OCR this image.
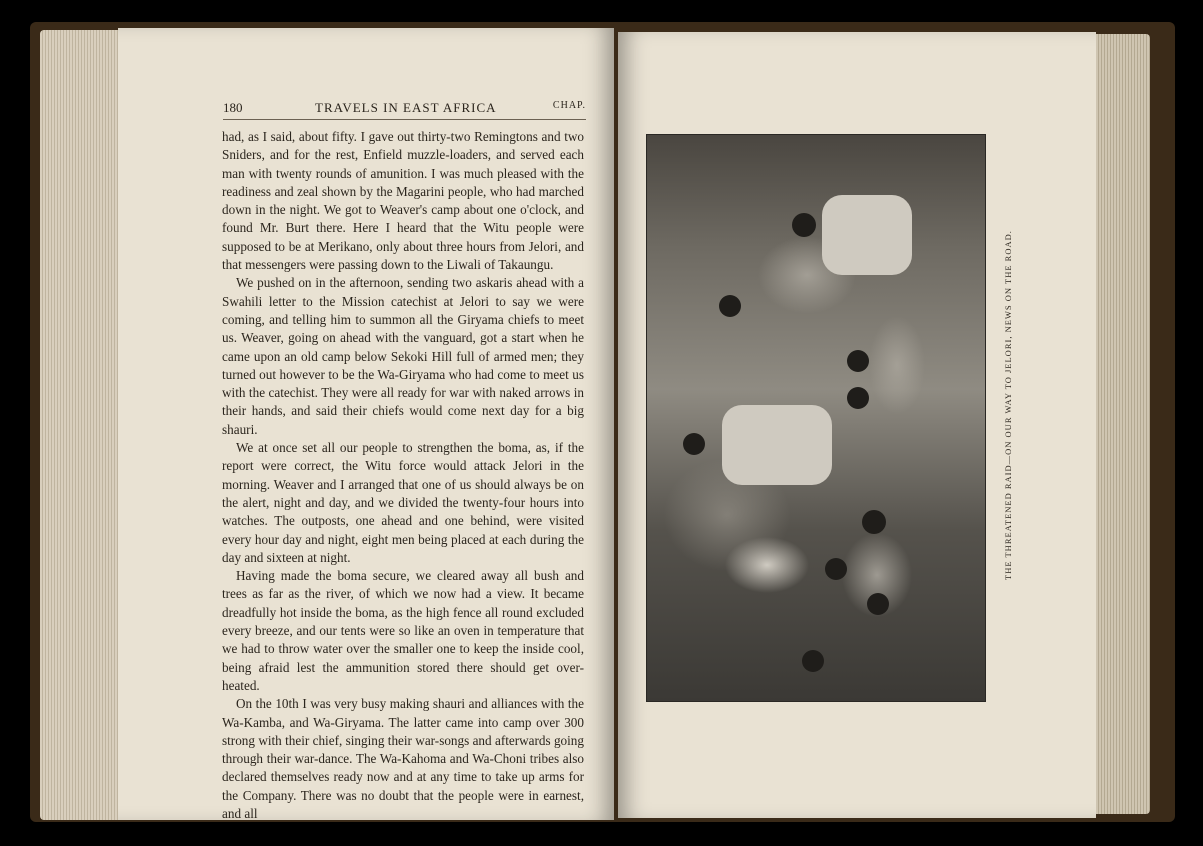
180	TRAVELS IN EAST AFRICA	CHAP.

had, as I said, about fifty. I gave out thirty-two Remingtons and two Sniders, and for the rest, Enfield muzzle-loaders, and served each man with twenty rounds of amunition. I was much pleased with the readiness and zeal shown by the Magarini people, who had marched down in the night. We got to Weaver's camp about one o'clock, and found Mr. Burt there. Here I heard that the Witu people were supposed to be at Merikano, only about three hours from Jelori, and that messengers were passing down to the Liwali of Takaungu.

We pushed on in the afternoon, sending two askaris ahead with a Swahili letter to the Mission catechist at Jelori to say we were coming, and telling him to summon all the Giryama chiefs to meet us. Weaver, going on ahead with the vanguard, got a start when he came upon an old camp below Sekoki Hill full of armed men; they turned out however to be the Wa-Giryama who had come to meet us with the catechist. They were all ready for war with naked arrows in their hands, and said their chiefs would come next day for a big shauri.

We at once set all our people to strengthen the boma, as, if the report were correct, the Witu force would attack Jelori in the morning. Weaver and I arranged that one of us should always be on the alert, night and day, and we divided the twenty-four hours into watches. The outposts, one ahead and one behind, were visited every hour day and night, eight men being placed at each during the day and sixteen at night.

Having made the boma secure, we cleared away all bush and trees as far as the river, of which we now had a view. It became dreadfully hot inside the boma, as the high fence all round excluded every breeze, and our tents were so like an oven in temperature that we had to throw water over the smaller one to keep the inside cool, being afraid lest the ammunition stored there should get over-heated.

On the 10th I was very busy making shauri and alliances with the Wa-Kamba, and Wa-Giryama. The latter came into camp over 300 strong with their chief, singing their war-songs and afterwards going through their war-dance. The Wa-Kahoma and Wa-Choni tribes also declared themselves ready now and at any time to take up arms for the Company. There was no doubt that the people were in earnest, and all

THE THREATENED RAID—ON OUR WAY TO JELORI, NEWS ON THE ROAD.
